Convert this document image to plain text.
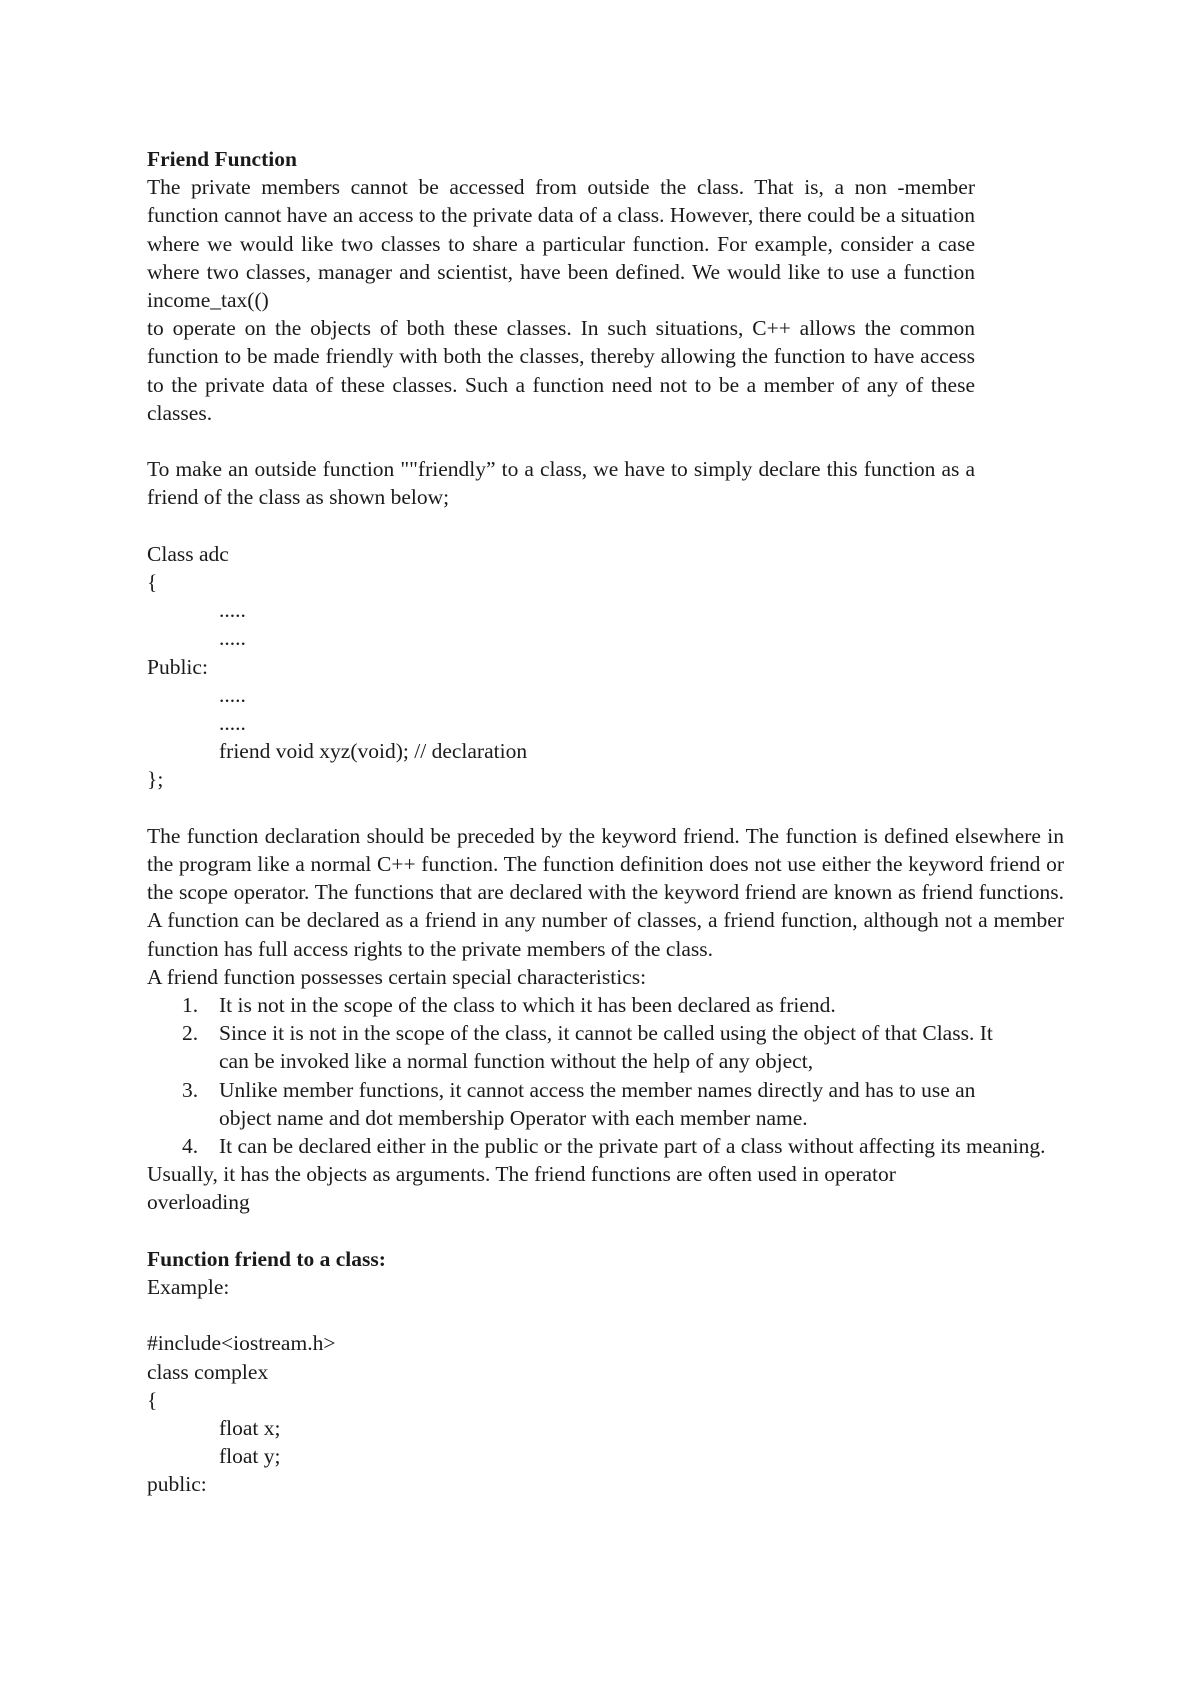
Friend Function

The private members cannot be accessed from outside the class. That is, a non -member function cannot have an access to the private data of a class. However, there could be a situation where we would like two classes to share a particular function. For example, consider a case where two classes, manager and scientist, have been defined. We would like to use a function income_tax(()

to operate on the objects of both these classes. In such situations, C++ allows the common function to be made friendly with both the classes, thereby allowing the function to have access to the private data of these classes. Such a function need not to be a member of any of these classes.

To make an outside function ""friendly” to a class, we have to simply declare this function as a friend of the class as shown below;

Class adc
{
.....
.....
Public:
.....
.....
friend void xyz(void); // declaration
};

The function declaration should be preceded by the keyword friend. The function is defined elsewhere in the program like a normal C++ function. The function definition does not use either the keyword friend or the scope operator. The functions that are declared with the keyword friend are known as friend functions. A function can be declared as a friend in any number of classes, a friend function, although not a member function has full access rights to the private members of the class.

A friend function possesses certain special characteristics:

1. It is not in the scope of the class to which it has been declared as friend.
2. Since it is not in the scope of the class, it cannot be called using the object of that Class. It can be invoked like a normal function without the help of any object,
3. Unlike member functions, it cannot access the member names directly and has to use an object name and dot membership Operator with each member name.
4. It can be declared either in the public or the private part of a class without affecting its meaning.

Usually, it has the objects as arguments. The friend functions are often used in operator overloading

Function friend to a class:
Example:
#include<iostream.h>
class complex
{
float x;
float y;
public:
